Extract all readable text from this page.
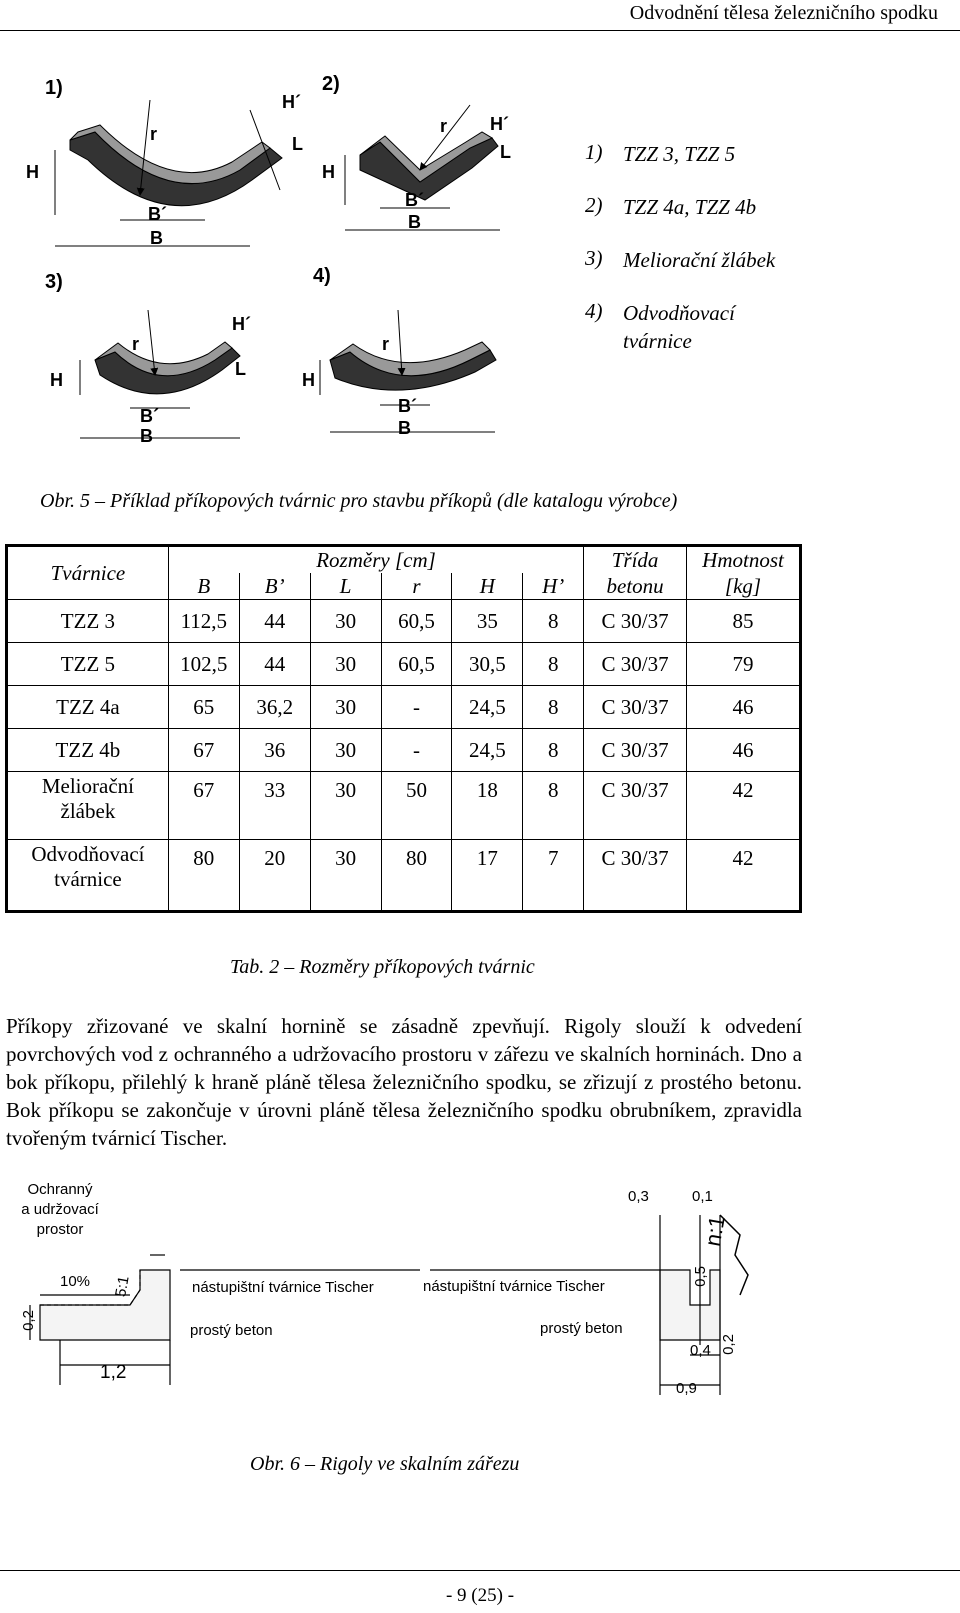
Odvodnění tělesa železničního spodku
1)	2)
3)	4)
H
r
H´
L
B´
B
H
r H´
L
B´
B
H
r
H´
L
B´
B
H
r
B´
B
1) TZZ 3, TZZ 5
2) TZZ 4a, TZZ 4b
3) Meliorační žlábek
4) Odvodňovací tvárnice
Obr. 5 – Příklad příkopových tvárnic pro stavbu příkopů (dle katalogu výrobce)
Tvárnice	Rozměry [cm]						Třída	Hmotnost
	B	B’	L	r	H	H’	betonu	[kg]
TZZ 3	112,5	44	30	60,5	35	8	C 30/37	85
TZZ 5	102,5	44	30	60,5	30,5	8	C 30/37	79
TZZ 4a	65	36,2	30	-	24,5	8	C 30/37	46
TZZ 4b	67	36	30	-	24,5	8	C 30/37	46

Meliorační
žlábek	67	33	30	50	18	8	C 30/37	42

Odvodňovací
tvárnice	80	20	30	80	17	7	C 30/37	42
Tab. 2 – Rozměry příkopových tvárnic
Příkopy zřizované ve skalní hornině se zásadně zpevňují. Rigoly slouží k odvedení povrchových vod z ochranného a udržovacího prostoru v zářezu ve skalních horninách. Dno a bok příkopu, přilehlý k hraně pláně tělesa železničního spodku, se zřizují z prostého betonu. Bok příkopu se zakončuje v úrovni pláně tělesa železničního spodku obrubníkem, zpravidla tvořeným tvárnicí Tischer.
Ochranný
a udržovací
prostor
10% 5:1
0,2
1,2
nástupištní tvárnice Tischer
prostý beton
nástupištní tvárnice Tischer
prostý beton
0,3	0,1
n:1
0,5
0,4 0,2
0,9
Obr. 6 – Rigoly ve skalním zářezu
- 9 (25) -
